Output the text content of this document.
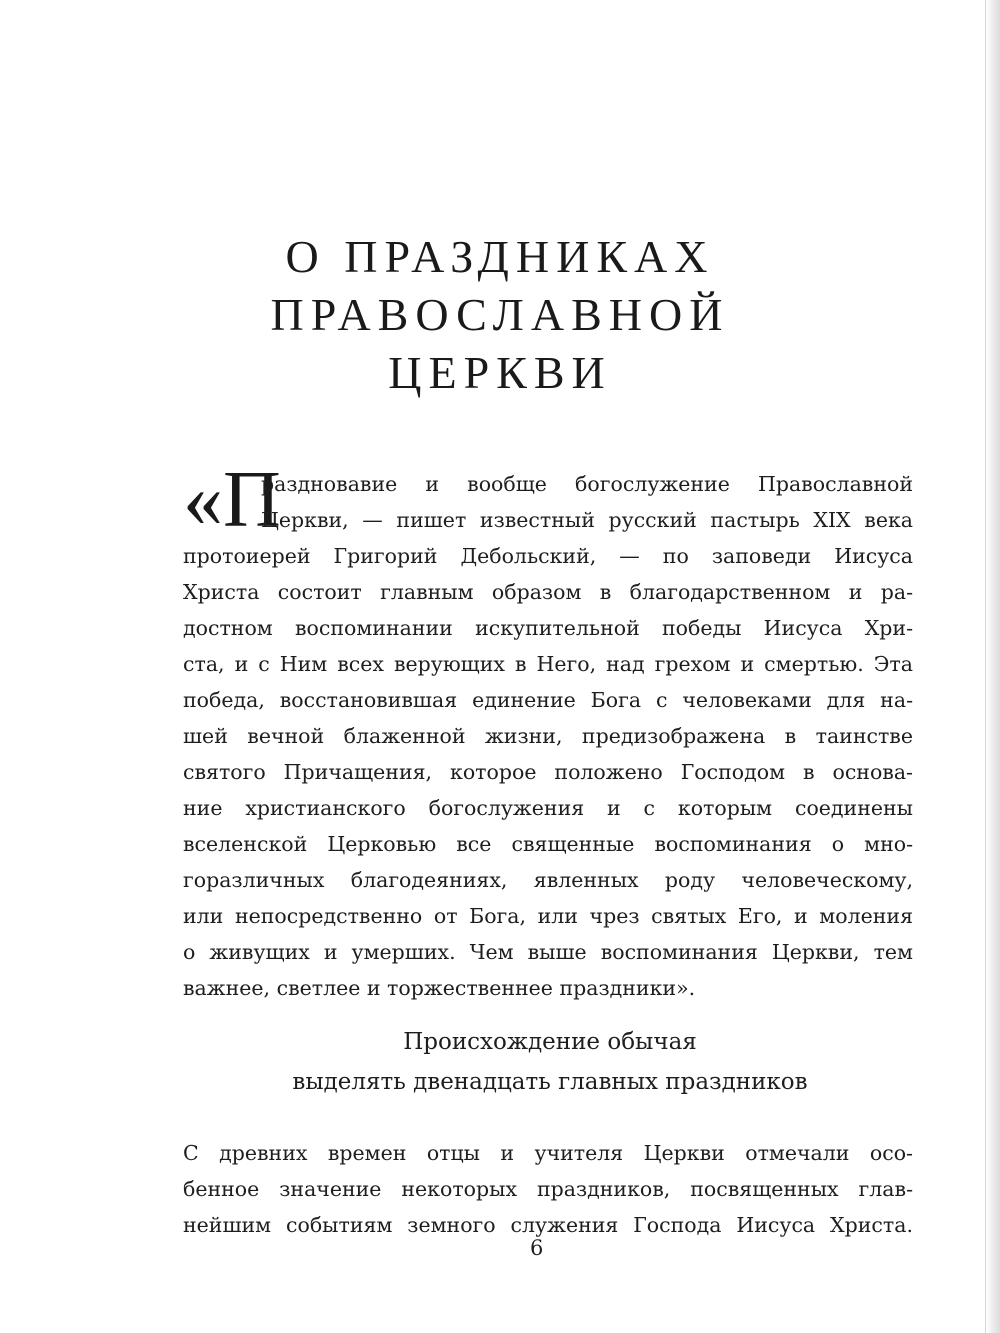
О ПРАЗДНИКАХ
ПРАВОСЛАВНОЙ
ЦЕРКВИ
«П
раздновавие и вообще богослужение Православной
Церкви, — пишет известный русский пастырь XIX века
протоиерей Григорий Дебольский, — по заповеди Иисуса
Христа состоит главным образом в благодарственном и ра-
достном воспоминании искупительной победы Иисуса Хри-
ста, и с Ним всех верующих в Него, над грехом и смертью. Эта
победа, восстановившая единение Бога с человеками для на-
шей вечной блаженной жизни, предизображена в таинстве
святого Причащения, которое положено Господом в основа-
ние христианского богослужения и с которым соединены
вселенской Церковью все священные воспоминания о мно-
горазличных благодеяниях, явленных роду человеческому,
или непосредственно от Бога, или чрез святых Его, и моления
о живущих и умерших. Чем выше воспоминания Церкви, тем
важнее, светлее и торжественнее праздники».
Происхождение обычая
выделять двенадцать главных праздников
С древних времен отцы и учителя Церкви отмечали осо-
бенное значение некоторых праздников, посвященных глав-
нейшим событиям земного служения Господа Иисуса Христа.
6
